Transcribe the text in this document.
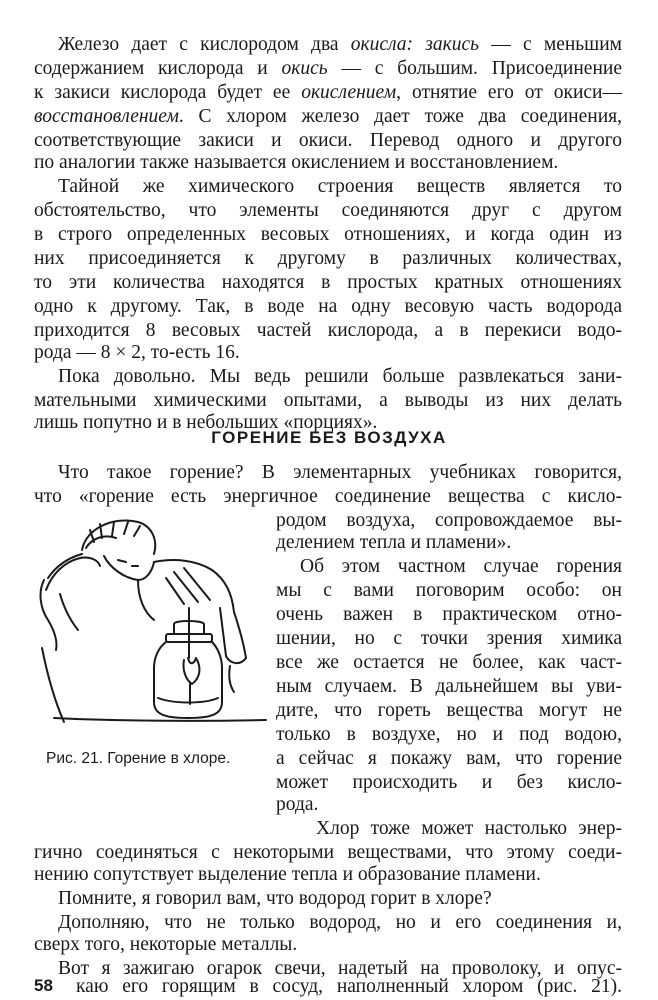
Железо дает с кислородом два окисла: закись — с меньшим
содержанием кислорода и окись — с большим. Присоединение
к закиси кислорода будет ее окислением, отнятие его от окиси—
восстановлением. С хлором железо дает тоже два соединения,
соответствующие закиси и окиси. Перевод одного и другого
по аналогии также называется окислением и восстановлением.
Тайной же химического строения веществ является то
обстоятельство, что элементы соединяются друг с другом
в строго определенных весовых отношениях, и когда один из
них присоединяется к другому в различных количествах,
то эти количества находятся в простых кратных отношениях
одно к другому. Так, в воде на одну весовую часть водорода
приходится 8 весовых частей кислорода, а в перекиси водо-
рода — 8 × 2, то-есть 16.
Пока довольно. Мы ведь решили больше развлекаться зани-
мательными химическими опытами, а выводы из них делать
лишь попутно и в небольших «порциях».
ГОРЕНИЕ БЕЗ ВОЗДУХА
Что такое горение? В элементарных учебниках говорится,
что «горение есть энергичное соединение вещества с кисло-
родом воздуха, сопровождаемое вы-
делением тепла и пламени».
Об этом частном случае горения
мы с вами поговорим особо: он
очень важен в практическом отно-
шении, но с точки зрения химика
все же остается не более, как част-
ным случаем. В дальнейшем вы уви-
дите, что гореть вещества могут не
только в воздухе, но и под водою,
а сейчас я покажу вам, что горение
может происходить и без кисло-
рода.
Рис. 21. Горение в хлоре.
Хлор тоже может настолько энер-
гично соединяться с некоторыми веществами, что этому соеди-
нению сопутствует выделение тепла и образование пламени.
Помните, я говорил вам, что водород горит в хлоре?
Дополняю, что не только водород, но и его соединения и,
сверх того, некоторые металлы.
Вот я зажигаю огарок свечи, надетый на проволоку, и опус-
58 каю его горящим в сосуд, наполненный хлором (рис. 21).
